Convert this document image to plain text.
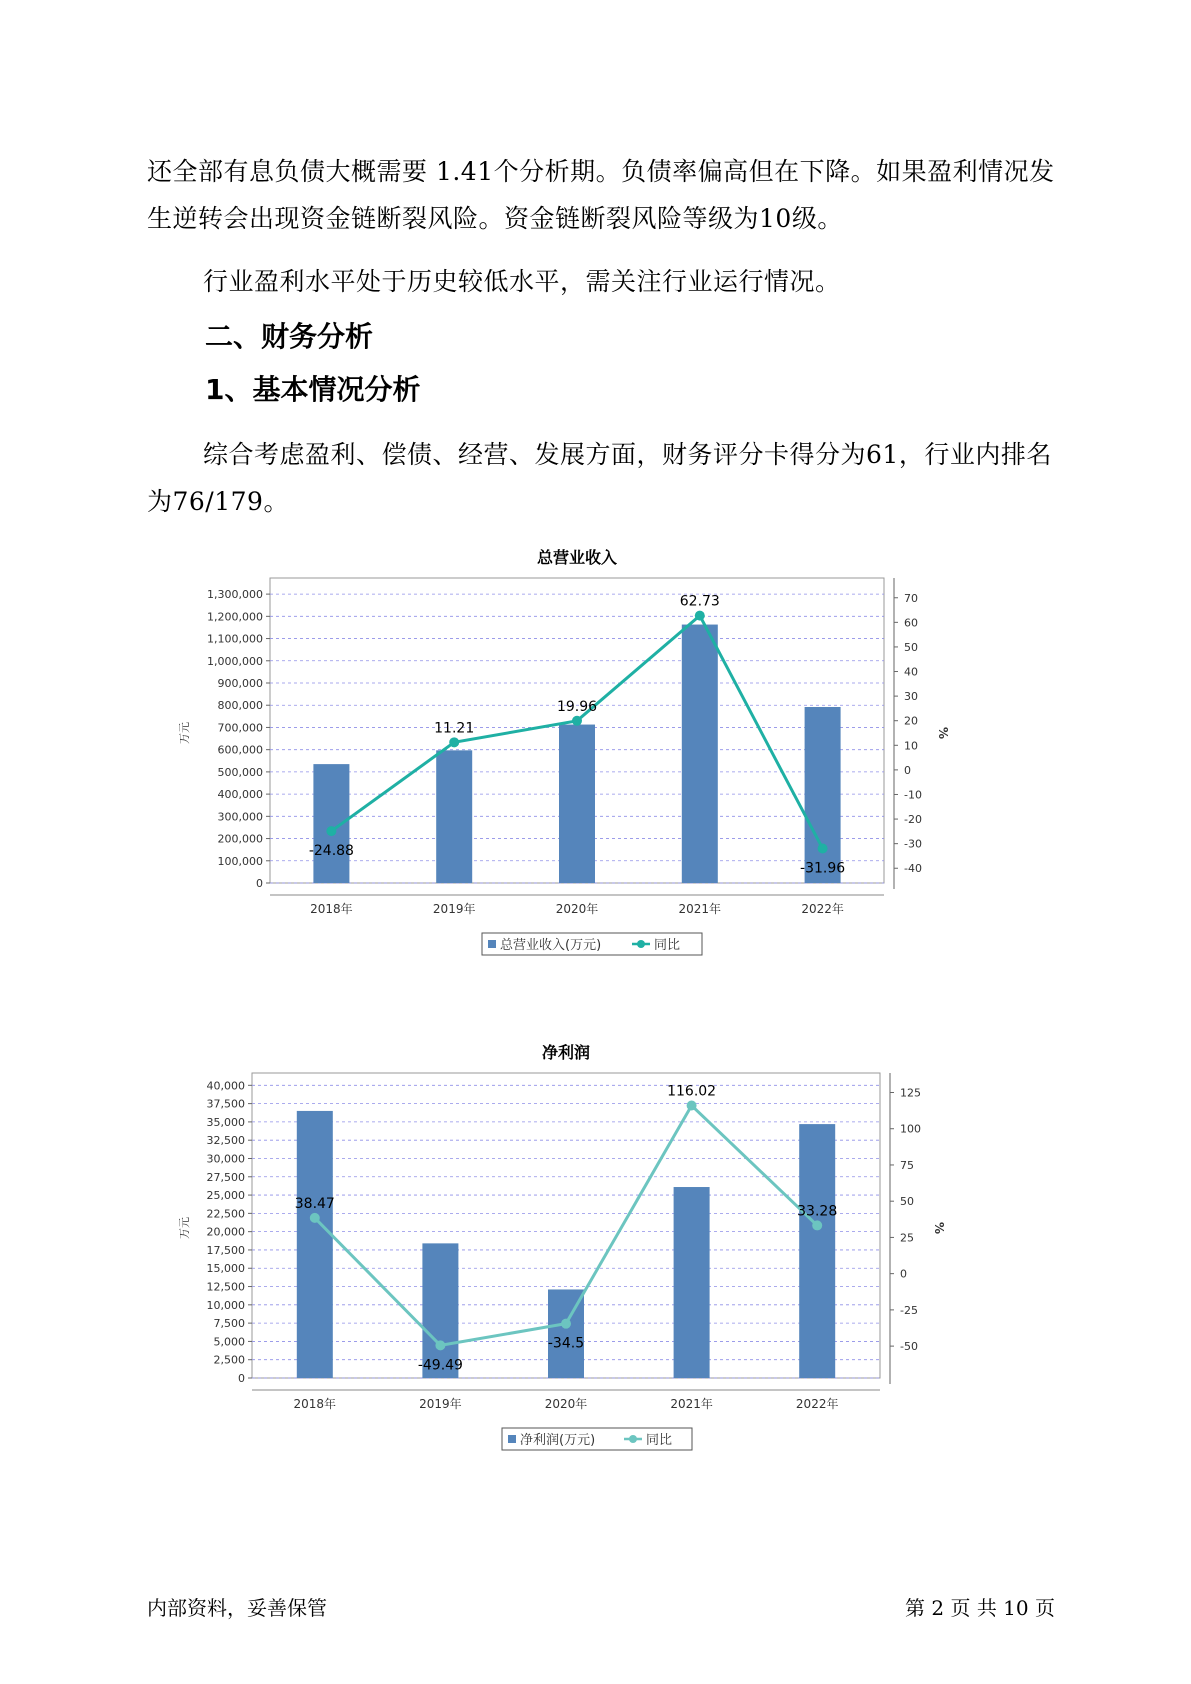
还全部有息负债大概需要 1.41个分析期。负债率偏高但在下降。如果盈利情况发生逆转会出现资金链断裂风险。资金链断裂风险等级为10级。

行业盈利水平处于历史较低水平，需关注行业运行情况。

二、财务分析
1、基本情况分析

综合考虑盈利、偿债、经营、发展方面，财务评分卡得分为61，行业内排名为76/179。

总营业收入
0
100,000
200,000
300,000
400,000
500,000
600,000
700,000
800,000
900,000
1,000,000
1,100,000
1,200,000
1,300,000
-40
-30
-20
-10
0
10
20
30
40
50
60
70
万元	%
2018年	2019年	2020年	2021年	2022年
-24.88
11.21
19.96
62.73
-31.96
总营业收入(万元)	同比
净利润
0
2,500
5,000
7,500
10,000
12,500
15,000
17,500
20,000
22,500
25,000
27,500
30,000
32,500
35,000
37,500
40,000
-50
-25
0
25
50
75
100
125
万元	%
2018年	2019年	2020年	2021年	2022年
38.47
-49.49
-34.5
116.02
33.28
净利润(万元)	同比
内部资料，妥善保管	第 2 页 共 10 页
